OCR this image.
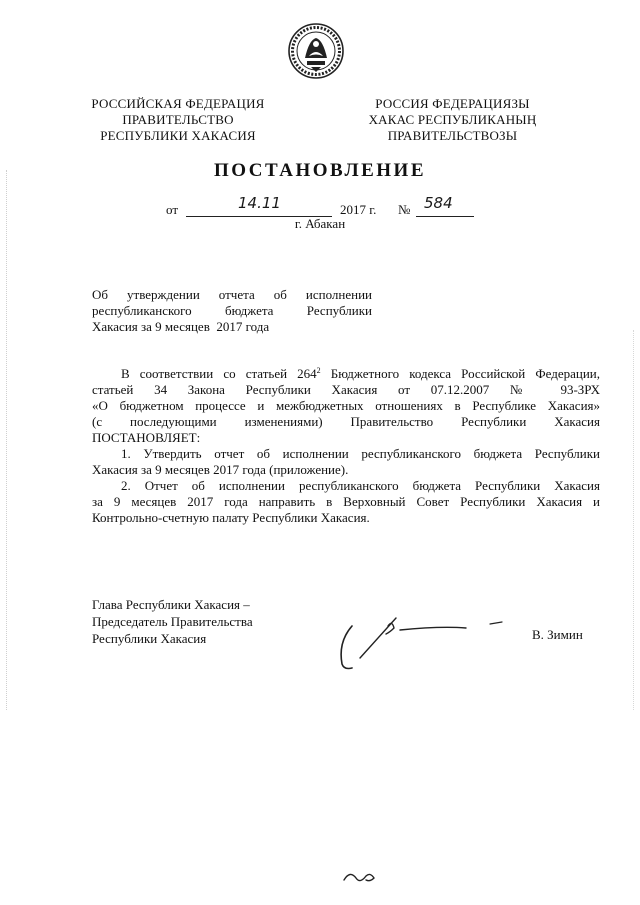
РОССИЙСКАЯ ФЕДЕРАЦИЯ
ПРАВИТЕЛЬСТВО
РЕСПУБЛИКИ ХАКАСИЯ
РОССИЯ ФЕДЕРАЦИЯЗЫ
ХАКАС РЕСПУБЛИКАНЫҢ
ПРАВИТЕЛЬСТВОЗЫ
ПОСТАНОВЛЕНИЕ
от	14.11	2017 г. № 584
г. Абакан
Об утверждении отчета об исполнении
республиканского бюджета Республики
Хакасия за 9 месяцев  2017 года

В соответствии со статьей $264^2$ Бюджетного кодекса Российской Федерации,

статьей 34 Закона Республики Хакасия от 07.12.2007 № 93-ЗРХ

«О бюджетном процессе и межбюджетных отношениях в Республике Хакасия»

(с последующими изменениями) Правительство Республики Хакасия

ПОСТАНОВЛЯЕТ:

1. Утвердить отчет об исполнении республиканского бюджета Республики

Хакасия за 9 месяцев 2017 года (приложение).

2. Отчет об исполнении республиканского бюджета Республики Хакасия

за 9 месяцев 2017 года направить в Верховный Совет Республики Хакасия и

Контрольно-счетную палату Республики Хакасия.

Глава Республики Хакасия –
Председатель Правительства
Республики Хакасия	В. Зимин
